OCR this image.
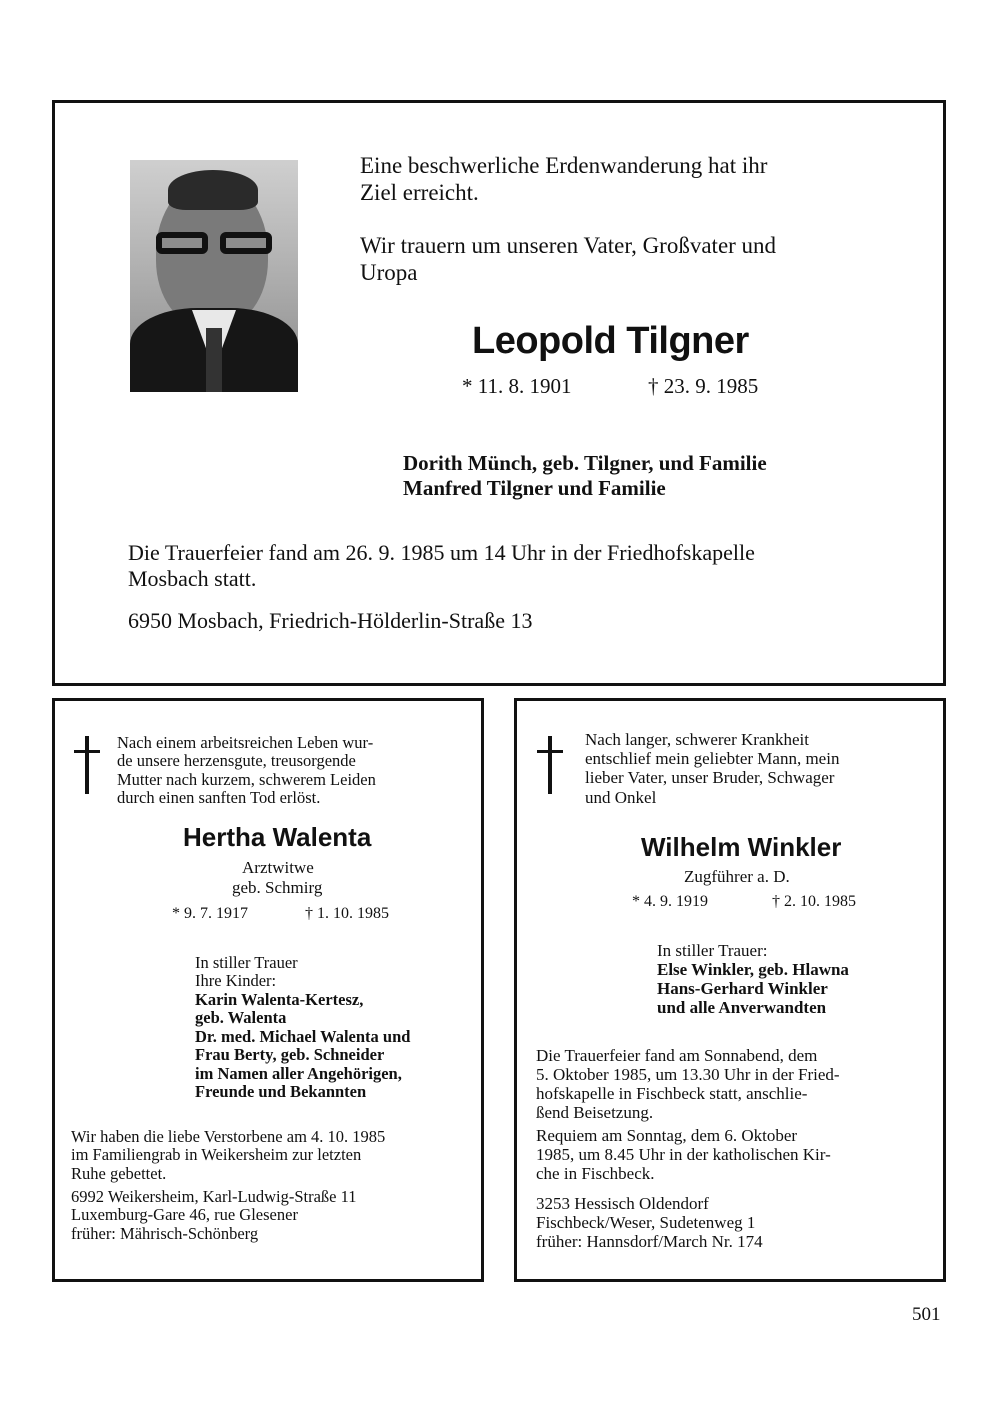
Eine beschwerliche Erdenwanderung hat ihr

Ziel erreicht.

Wir trauern um unseren Vater, Großvater und

Uropa

Leopold Tilgner
* 11. 8. 1901	† 23. 9. 1985

Dorith Münch, geb. Tilgner, und Familie

Manfred Tilgner und Familie

Die Trauerfeier fand am 26. 9. 1985 um 14 Uhr in der Friedhofskapelle

Mosbach statt.

6950 Mosbach, Friedrich-Hölderlin-Straße 13

Nach einem arbeitsreichen Leben wur-

de unsere herzensgute, treusorgende

Mutter nach kurzem, schwerem Leiden

durch einen sanften Tod erlöst.

Hertha Walenta
Arztwitwe
geb. Schmirg
* 9. 7. 1917	† 1. 10. 1985

In stiller Trauer

Ihre Kinder:

Karin Walenta-Kertesz,

geb. Walenta

Dr. med. Michael Walenta und

Frau Berty, geb. Schneider

im Namen aller Angehörigen,

Freunde und Bekannten

Wir haben die liebe Verstorbene am 4. 10. 1985

im Familiengrab in Weikersheim zur letzten

Ruhe gebettet.

6992 Weikersheim, Karl-Ludwig-Straße 11

Luxemburg-Gare 46, rue Glesener

früher: Mährisch-Schönberg

Nach langer, schwerer Krankheit

entschlief mein geliebter Mann, mein

lieber Vater, unser Bruder, Schwager

und Onkel

Wilhelm Winkler
Zugführer a. D.
* 4. 9. 1919	† 2. 10. 1985

In stiller Trauer:

Else Winkler, geb. Hlawna

Hans-Gerhard Winkler

und alle Anverwandten

Die Trauerfeier fand am Sonnabend, dem

5. Oktober 1985, um 13.30 Uhr in der Fried-

hofskapelle in Fischbeck statt, anschlie-

ßend Beisetzung.

Requiem am Sonntag, dem 6. Oktober

1985, um 8.45 Uhr in der katholischen Kir-

che in Fischbeck.

3253 Hessisch Oldendorf

Fischbeck/Weser, Sudetenweg 1

früher: Hannsdorf/March Nr. 174

501
